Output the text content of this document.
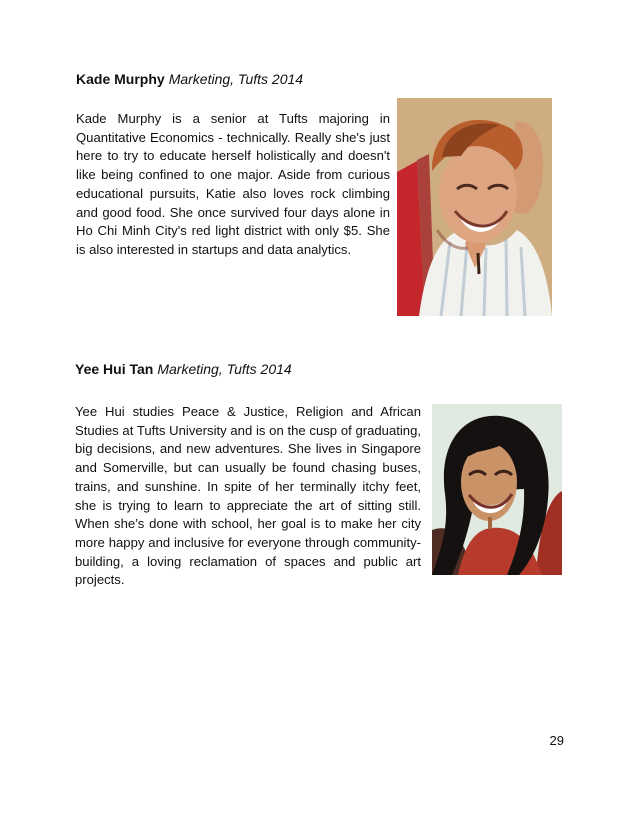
Kade Murphy Marketing, Tufts 2014

Kade Murphy is a senior at Tufts majoring in Quantitative Economics - technically. Really she's just here to try to educate herself holistically and doesn't like being confined to one major. Aside from curious educational pursuits, Katie also loves rock climbing and good food. She once survived four days alone in Ho Chi Minh City's red light district with only $5. She is also interested in startups and data analytics.

Yee Hui Tan Marketing, Tufts 2014

Yee Hui studies Peace & Justice, Religion and African Studies at Tufts University and is on the cusp of graduating, big decisions, and new adventures. She lives in Singapore and Somerville, but can usually be found chasing buses, trains, and sunshine. In spite of her terminally itchy feet, she is trying to learn to appreciate the art of sitting still. When she’s done with school, her goal is to make her city more happy and inclusive for everyone through community-building, a loving reclamation of spaces and public art projects.

29
